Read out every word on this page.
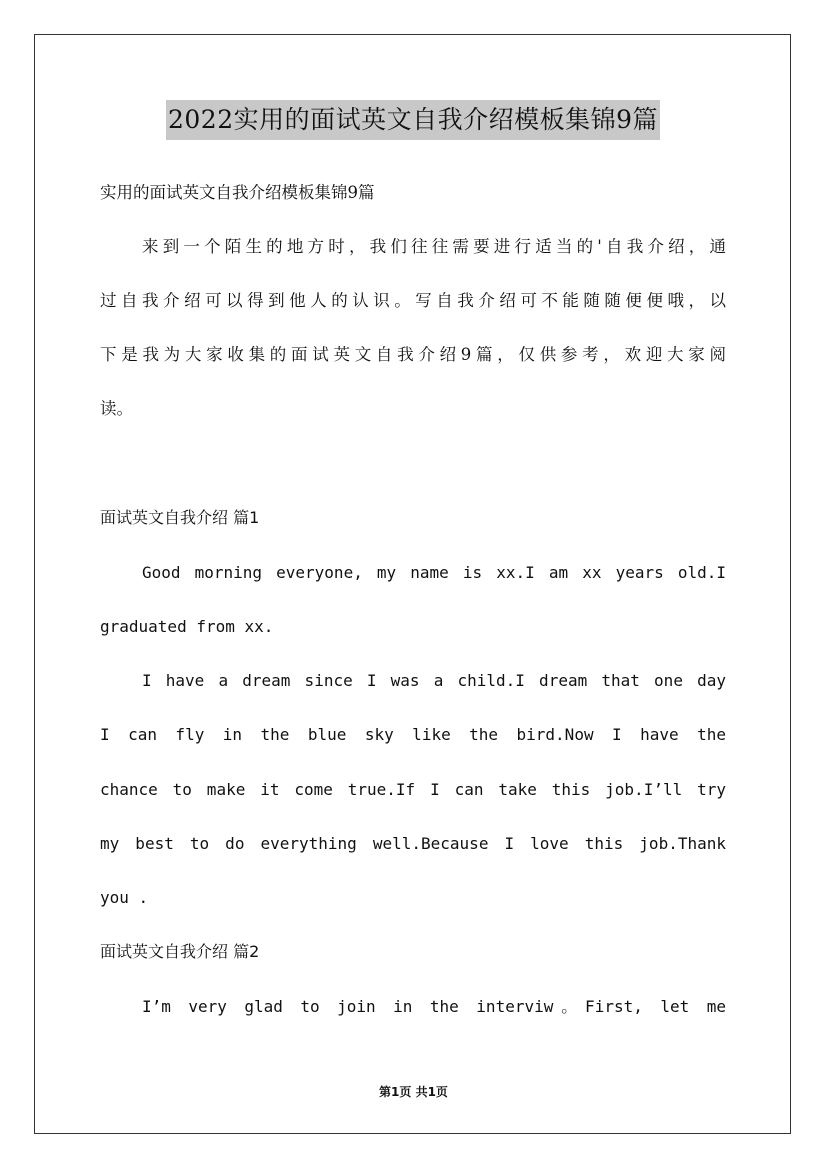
2022实用的面试英文自我介绍模板集锦9篇
实用的面试英文自我介绍模板集锦9篇
来到一个陌生的地方时，我们往往需要进行适当的'自我介绍，通
过自我介绍可以得到他人的认识。写自我介绍可不能随随便便哦，以
下是我为大家收集的面试英文自我介绍9篇，仅供参考，欢迎大家阅
读。
面试英文自我介绍 篇1
Good morning everyone, my name is xx.I am xx years old.I
graduated from xx.
I have a dream since I was a child.I dream that one day
I can fly in the blue sky like the bird.Now I have the
chance to make it come true.If I can take this job.I’ll try
my best to do everything well.Because I love this job.Thank
you .
面试英文自我介绍 篇2
I’m very glad to join in the interviw。First, let me
第1页 共1页
